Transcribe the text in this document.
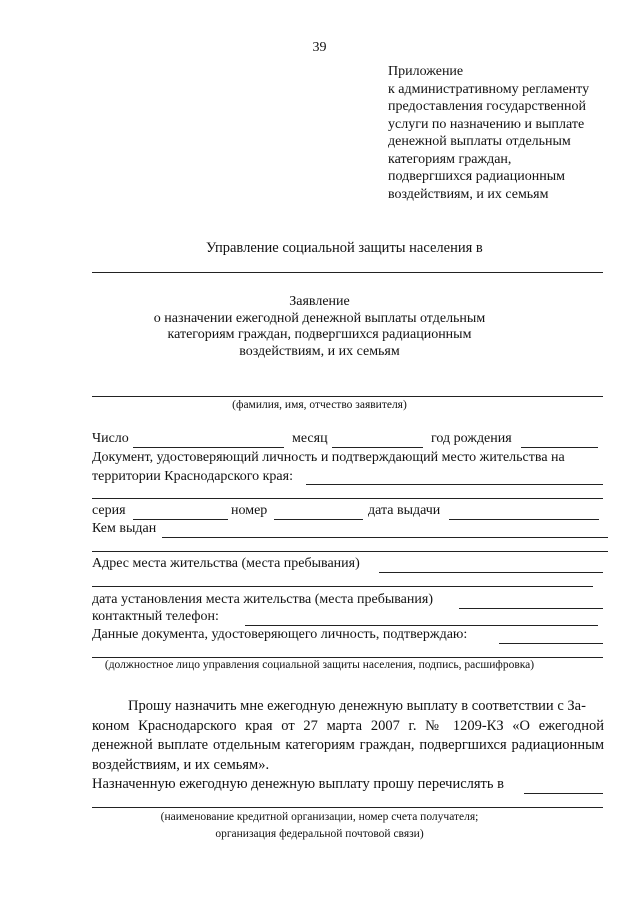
39
Приложение
к административному регламенту
предоставления государственной
услуги по назначению и выплате
денежной выплаты отдельным
категориям граждан,
подвергшихся радиационным
воздействиям, и их семьям
Управление социальной защиты населения в
Заявление
о назначении ежегодной денежной выплаты отдельным
категориям граждан, подвергшихся радиационным
воздействиям, и их семьям
(фамилия, имя, отчество заявителя)
Число	месяц	год рождения
Документ, удостоверяющий личность и подтверждающий место жительства на
территории Краснодарского края:
серия	номер	дата выдачи
Кем выдан
Адрес места жительства (места пребывания)
дата установления места жительства (места пребывания)
контактный телефон:
Данные документа, удостоверяющего личность, подтверждаю:
(должностное лицо управления социальной защиты населения, подпись, расшифровка)
Прошу назначить мне ежегодную денежную выплату в соответствии с За-
коном Краснодарского края от 27 марта 2007 г. № 1209-КЗ «О ежегодной денежной выплате отдельным категориям граждан, подвергшихся радиационным воздействиям, и их семьям».
Назначенную ежегодную денежную выплату прошу перечислять в
(наименование кредитной организации, номер счета получателя;
организация федеральной почтовой связи)
